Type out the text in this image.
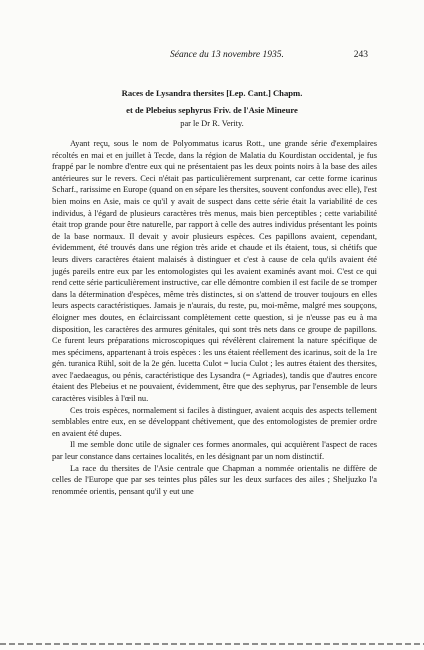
Séance du 13 novembre 1935.	243
Races de Lysandra thersites [Lep. Cant.] Chapm.
et de Plebeius sephyrus Friv. de l'Asie Mineure
par le Dr R. Verity.

Ayant reçu, sous le nom de Polyommatus icarus Rott., une grande série d'exemplaires récoltés en mai et en juillet à Tecde, dans la région de Malatia du Kourdistan occidental, je fus frappé par le nombre d'entre eux qui ne présentaient pas les deux points noirs à la base des ailes antérieures sur le revers. Ceci n'était pas particulièrement surprenant, car cette forme icarinus Scharf., rarissime en Europe (quand on en sépare les thersites, souvent confondus avec elle), l'est bien moins en Asie, mais ce qu'il y avait de suspect dans cette série était la variabilité de ces individus, à l'égard de plusieurs caractères très menus, mais bien perceptibles ; cette variabilité était trop grande pour être naturelle, par rapport à celle des autres individus présentant les points de la base normaux. Il devait y avoir plusieurs espèces. Ces papillons avaient, cependant, évidemment, été trouvés dans une région très aride et chaude et ils étaient, tous, si chétifs que leurs divers caractères étaient malaisés à distinguer et c'est à cause de cela qu'ils avaient été jugés pareils entre eux par les entomologistes qui les avaient examinés avant moi. C'est ce qui rend cette série particulièrement instructive, car elle démontre combien il est facile de se tromper dans la détermination d'espèces, même très distinctes, si on s'attend de trouver toujours en elles leurs aspects caractéristiques. Jamais je n'aurais, du reste, pu, moi-même, malgré mes soupçons, éloigner mes doutes, en éclaircissant complètement cette question, si je n'eusse pas eu à ma disposition, les caractères des armures génitales, qui sont très nets dans ce groupe de papillons. Ce furent leurs préparations microscopiques qui révélèrent clairement la nature spécifique de mes spécimens, appartenant à trois espèces : les uns étaient réellement des icarinus, soit de la 1re gén. turanica Rühl, soit de la 2e gén. lucetta Culot = lucia Culot ; les autres étaient des thersites, avec l'aedaeagus, ou pénis, caractéristique des Lysandra (= Agriades), tandis que d'autres encore étaient des Plebeius et ne pouvaient, évidemment, être que des sephyrus, par l'ensemble de leurs caractères visibles à l'œil nu.

Ces trois espèces, normalement si faciles à distinguer, avaient acquis des aspects tellement semblables entre eux, en se développant chétivement, que des entomologistes de premier ordre en avaient été dupes.

Il me semble donc utile de signaler ces formes anormales, qui acquièrent l'aspect de races par leur constance dans certaines localités, en les désignant par un nom distinctif.

La race du thersites de l'Asie centrale que Chapman a nommée orientalis ne diffère de celles de l'Europe que par ses teintes plus pâles sur les deux surfaces des ailes ; Sheljuzko l'a renommée orientis, pensant qu'il y eut une
